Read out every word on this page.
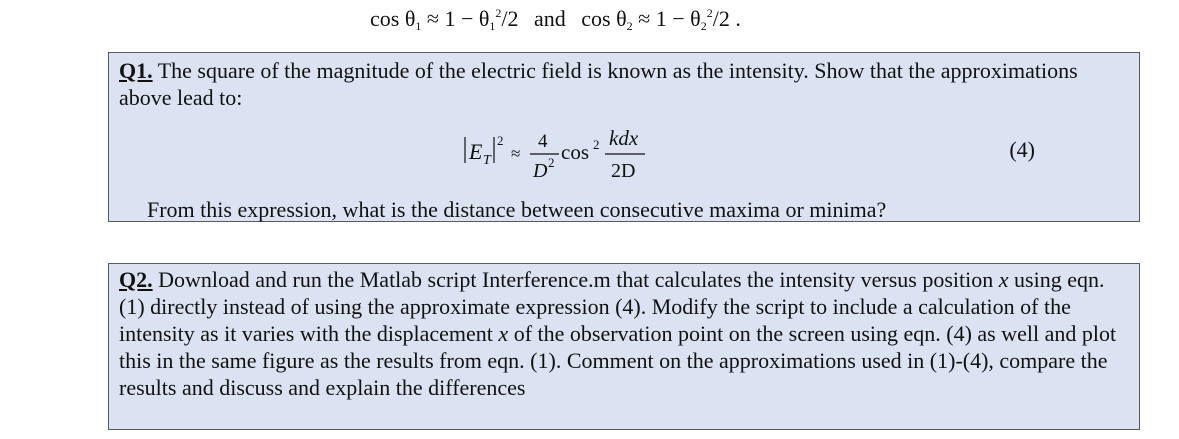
$\cos \theta_1 \approx 1 - \theta_1^2/2$ and $\cos \theta_2 \approx 1 - \theta_2^2/2$ .
Q1. The square of the magnitude of the electric field is known as the intensity. Show that the approximations above lead to:
E T
2
≈
4
D 2 cos 2 kdx
2D
(4)
From this expression, what is the distance between consecutive maxima or minima?
Q2. Download and run the Matlab script Interference.m that calculates the intensity versus position x using eqn. (1) directly instead of using the approximate expression (4). Modify the script to include a calculation of the intensity as it varies with the displacement x of the observation point on the screen using eqn. (4) as well and plot this in the same figure as the results from eqn. (1). Comment on the approximations used in (1)-(4), compare the results and discuss and explain the differences
